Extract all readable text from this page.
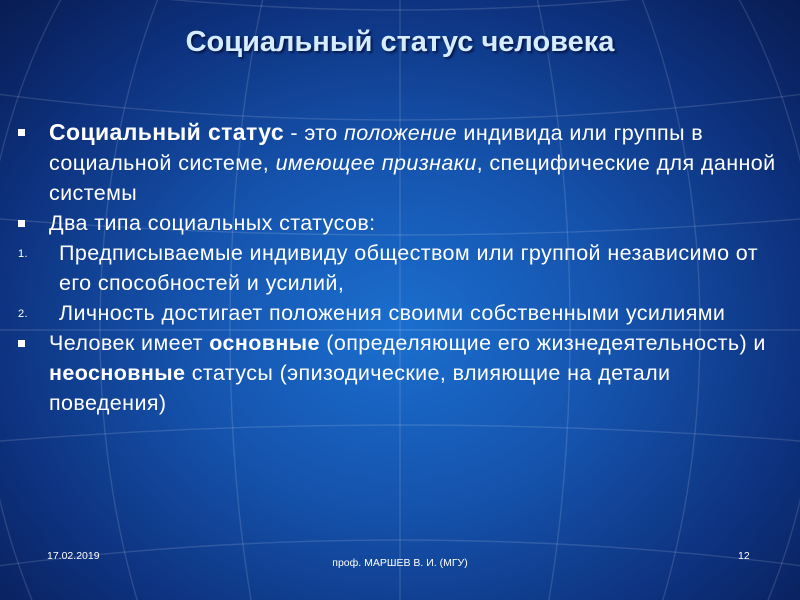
Социальный статус человека
Социальный статус - это положение индивида или группы в социальной системе, имеющее признаки, специфические для данной системы
Два типа социальных статусов:
1. Предписываемые индивиду обществом или группой независимо от его способностей и усилий,
2. Личность достигает положения своими собственными усилиями
Человек имеет основные (определяющие его жизнедеятельность) и неосновные статусы (эпизодические, влияющие на детали поведения)
17.02.2019
проф. МАРШЕВ В. И. (МГУ)
12
